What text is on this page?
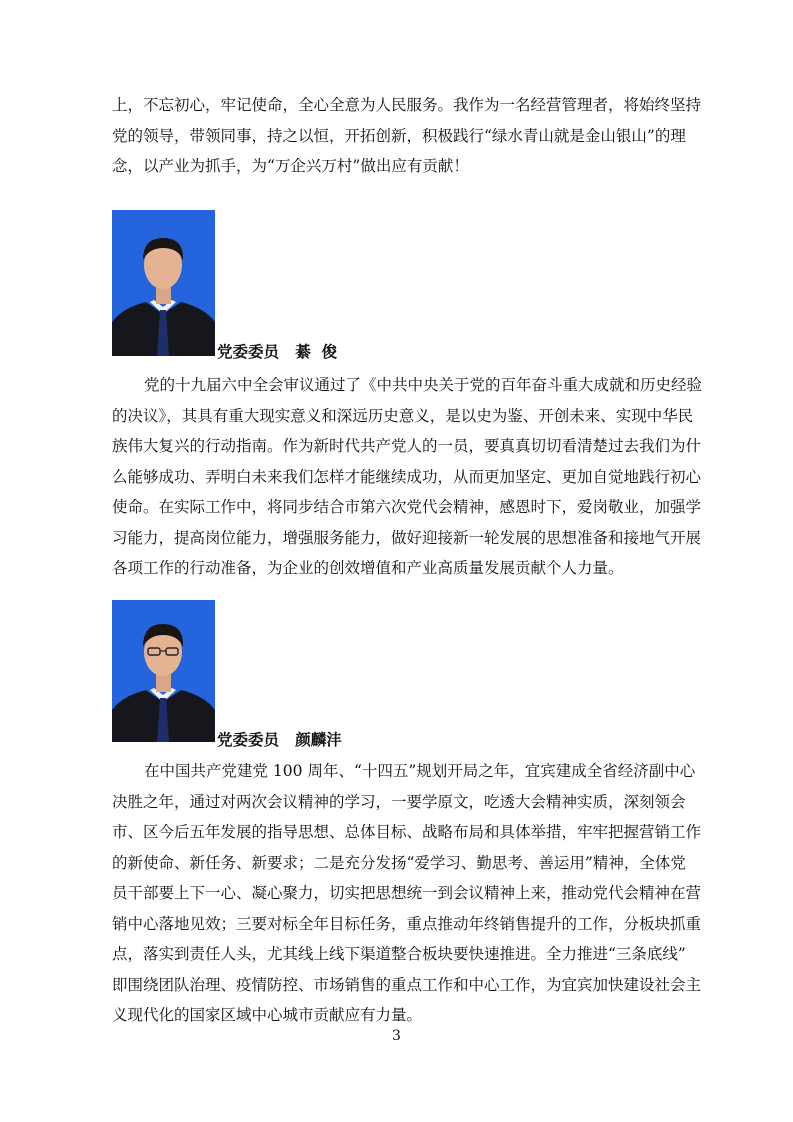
上，不忘初心，牢记使命，全心全意为人民服务。我作为一名经营管理者，将始终坚持
党的领导，带领同事，持之以恒，开拓创新，积极践行“绿水青山就是金山银山”的理
念，以产业为抓手，为“万企兴万村”做出应有贡献！
党委委员   綦  俊
党的十九届六中全会审议通过了《中共中央关于党的百年奋斗重大成就和历史经验
的决议》，其具有重大现实意义和深远历史意义，是以史为鉴、开创未来、实现中华民
族伟大复兴的行动指南。作为新时代共产党人的一员，要真真切切看清楚过去我们为什
么能够成功、弄明白未来我们怎样才能继续成功，从而更加坚定、更加自觉地践行初心
使命。在实际工作中，将同步结合市第六次党代会精神，感恩时下，爱岗敬业，加强学
习能力，提高岗位能力，增强服务能力，做好迎接新一轮发展的思想准备和接地气开展
各项工作的行动准备，为企业的创效增值和产业高质量发展贡献个人力量。
党委委员   颜麟沣
在中国共产党建党 100 周年、“十四五”规划开局之年，宜宾建成全省经济副中心
决胜之年，通过对两次会议精神的学习，一要学原文，吃透大会精神实质，深刻领会
市、区今后五年发展的指导思想、总体目标、战略布局和具体举措，牢牢把握营销工作
的新使命、新任务、新要求；二是充分发扬“爱学习、勤思考、善运用”精神，全体党
员干部要上下一心、凝心聚力，切实把思想统一到会议精神上来，推动党代会精神在营
销中心落地见效；三要对标全年目标任务，重点推动年终销售提升的工作，分板块抓重
点，落实到责任人头，尤其线上线下渠道整合板块要快速推进。全力推进“三条底线”
即围绕团队治理、疫情防控、市场销售的重点工作和中心工作，为宜宾加快建设社会主
义现代化的国家区域中心城市贡献应有力量。
3
